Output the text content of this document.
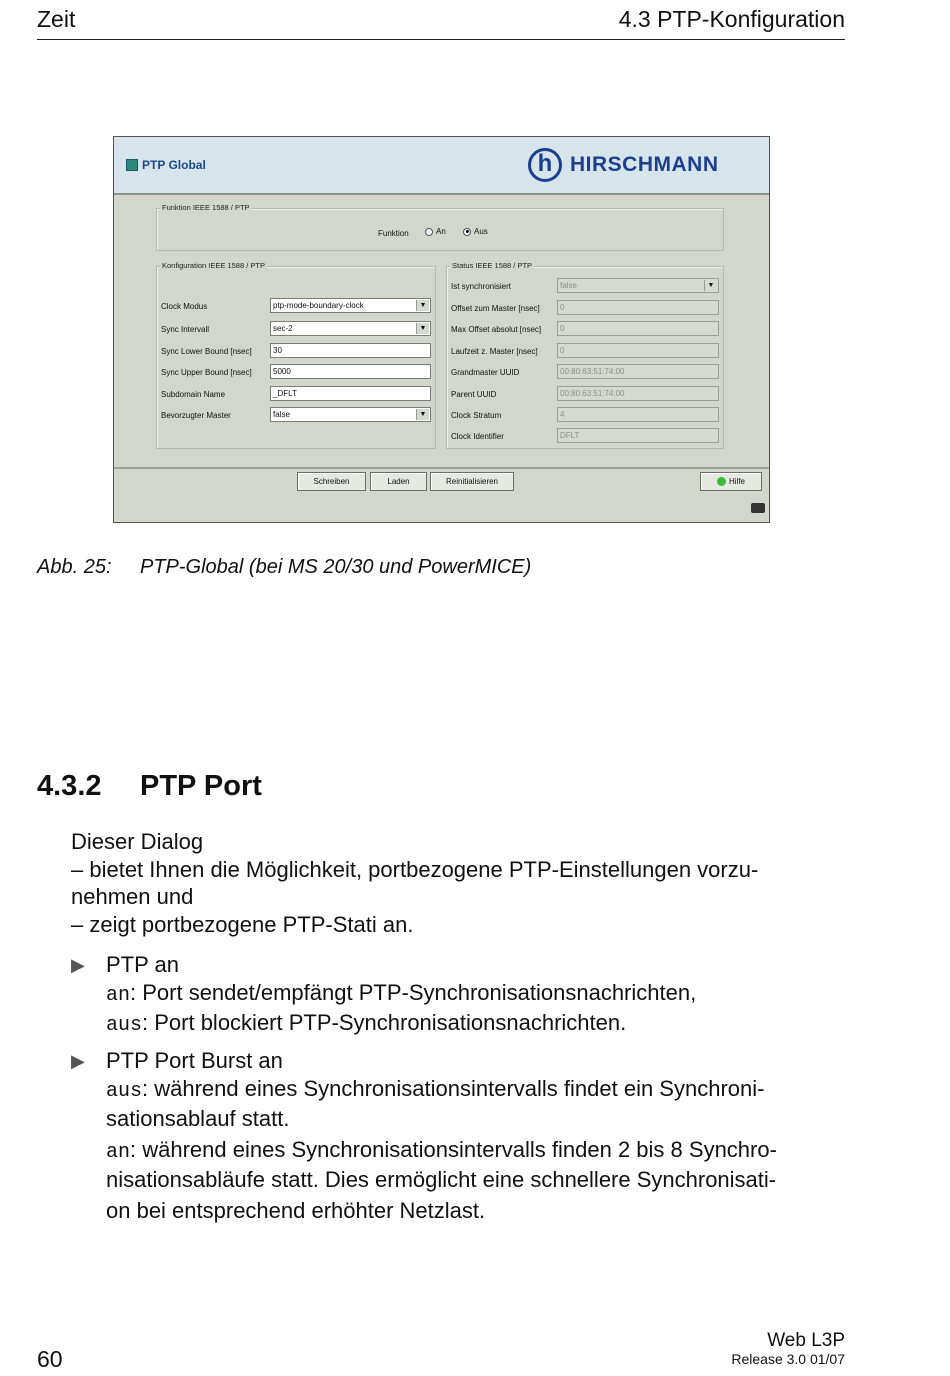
Zeit	4.3 PTP-Konfiguration
PTP Global	h HIRSCHMANN
Funktion IEEE 1588 / PTP
Funktion	An	Aus
Konfiguration IEEE 1588 / PTP
Clock Modus	ptp-mode-boundary-clock	▼
Sync Intervall	sec-2	▼
Sync Lower Bound [nsec]	30
Sync Upper Bound [nsec]	5000
Subdomain Name	_DFLT
Bevorzugter Master	false	▼
Status IEEE 1588 / PTP
Ist synchronisiert	false	▼
Offset zum Master [nsec]	0
Max Offset absolut [nsec]	0
Laufzeit z. Master [nsec]	0
Grandmaster UUID	00:80:63:51:74:00
Parent UUID	00:80:63:51:74:00
Clock Stratum	4
Clock Identifier	DFLT
Schreiben	Laden	Reinitialisieren	Hilfe
Abb. 25: PTP-Global (bei MS 20/30 und PowerMICE)
4.3.2 PTP Port
Dieser Dialog
– bietet Ihnen die Möglichkeit, portbezogene PTP-Einstellungen vorzu-
nehmen und
– zeigt portbezogene PTP-Stati an.
▶ PTP an
an: Port sendet/empfängt PTP-Synchronisationsnachrichten,
aus: Port blockiert PTP-Synchronisationsnachrichten.
▶ PTP Port Burst an
aus: während eines Synchronisationsintervalls findet ein Synchroni-
sationsablauf statt.
an: während eines Synchronisationsintervalls finden 2 bis 8 Synchro-
nisationsabläufe statt. Dies ermöglicht eine schnellere Synchronisati-
on bei entsprechend erhöhter Netzlast.
60
Web L3P
Release 3.0 01/07
